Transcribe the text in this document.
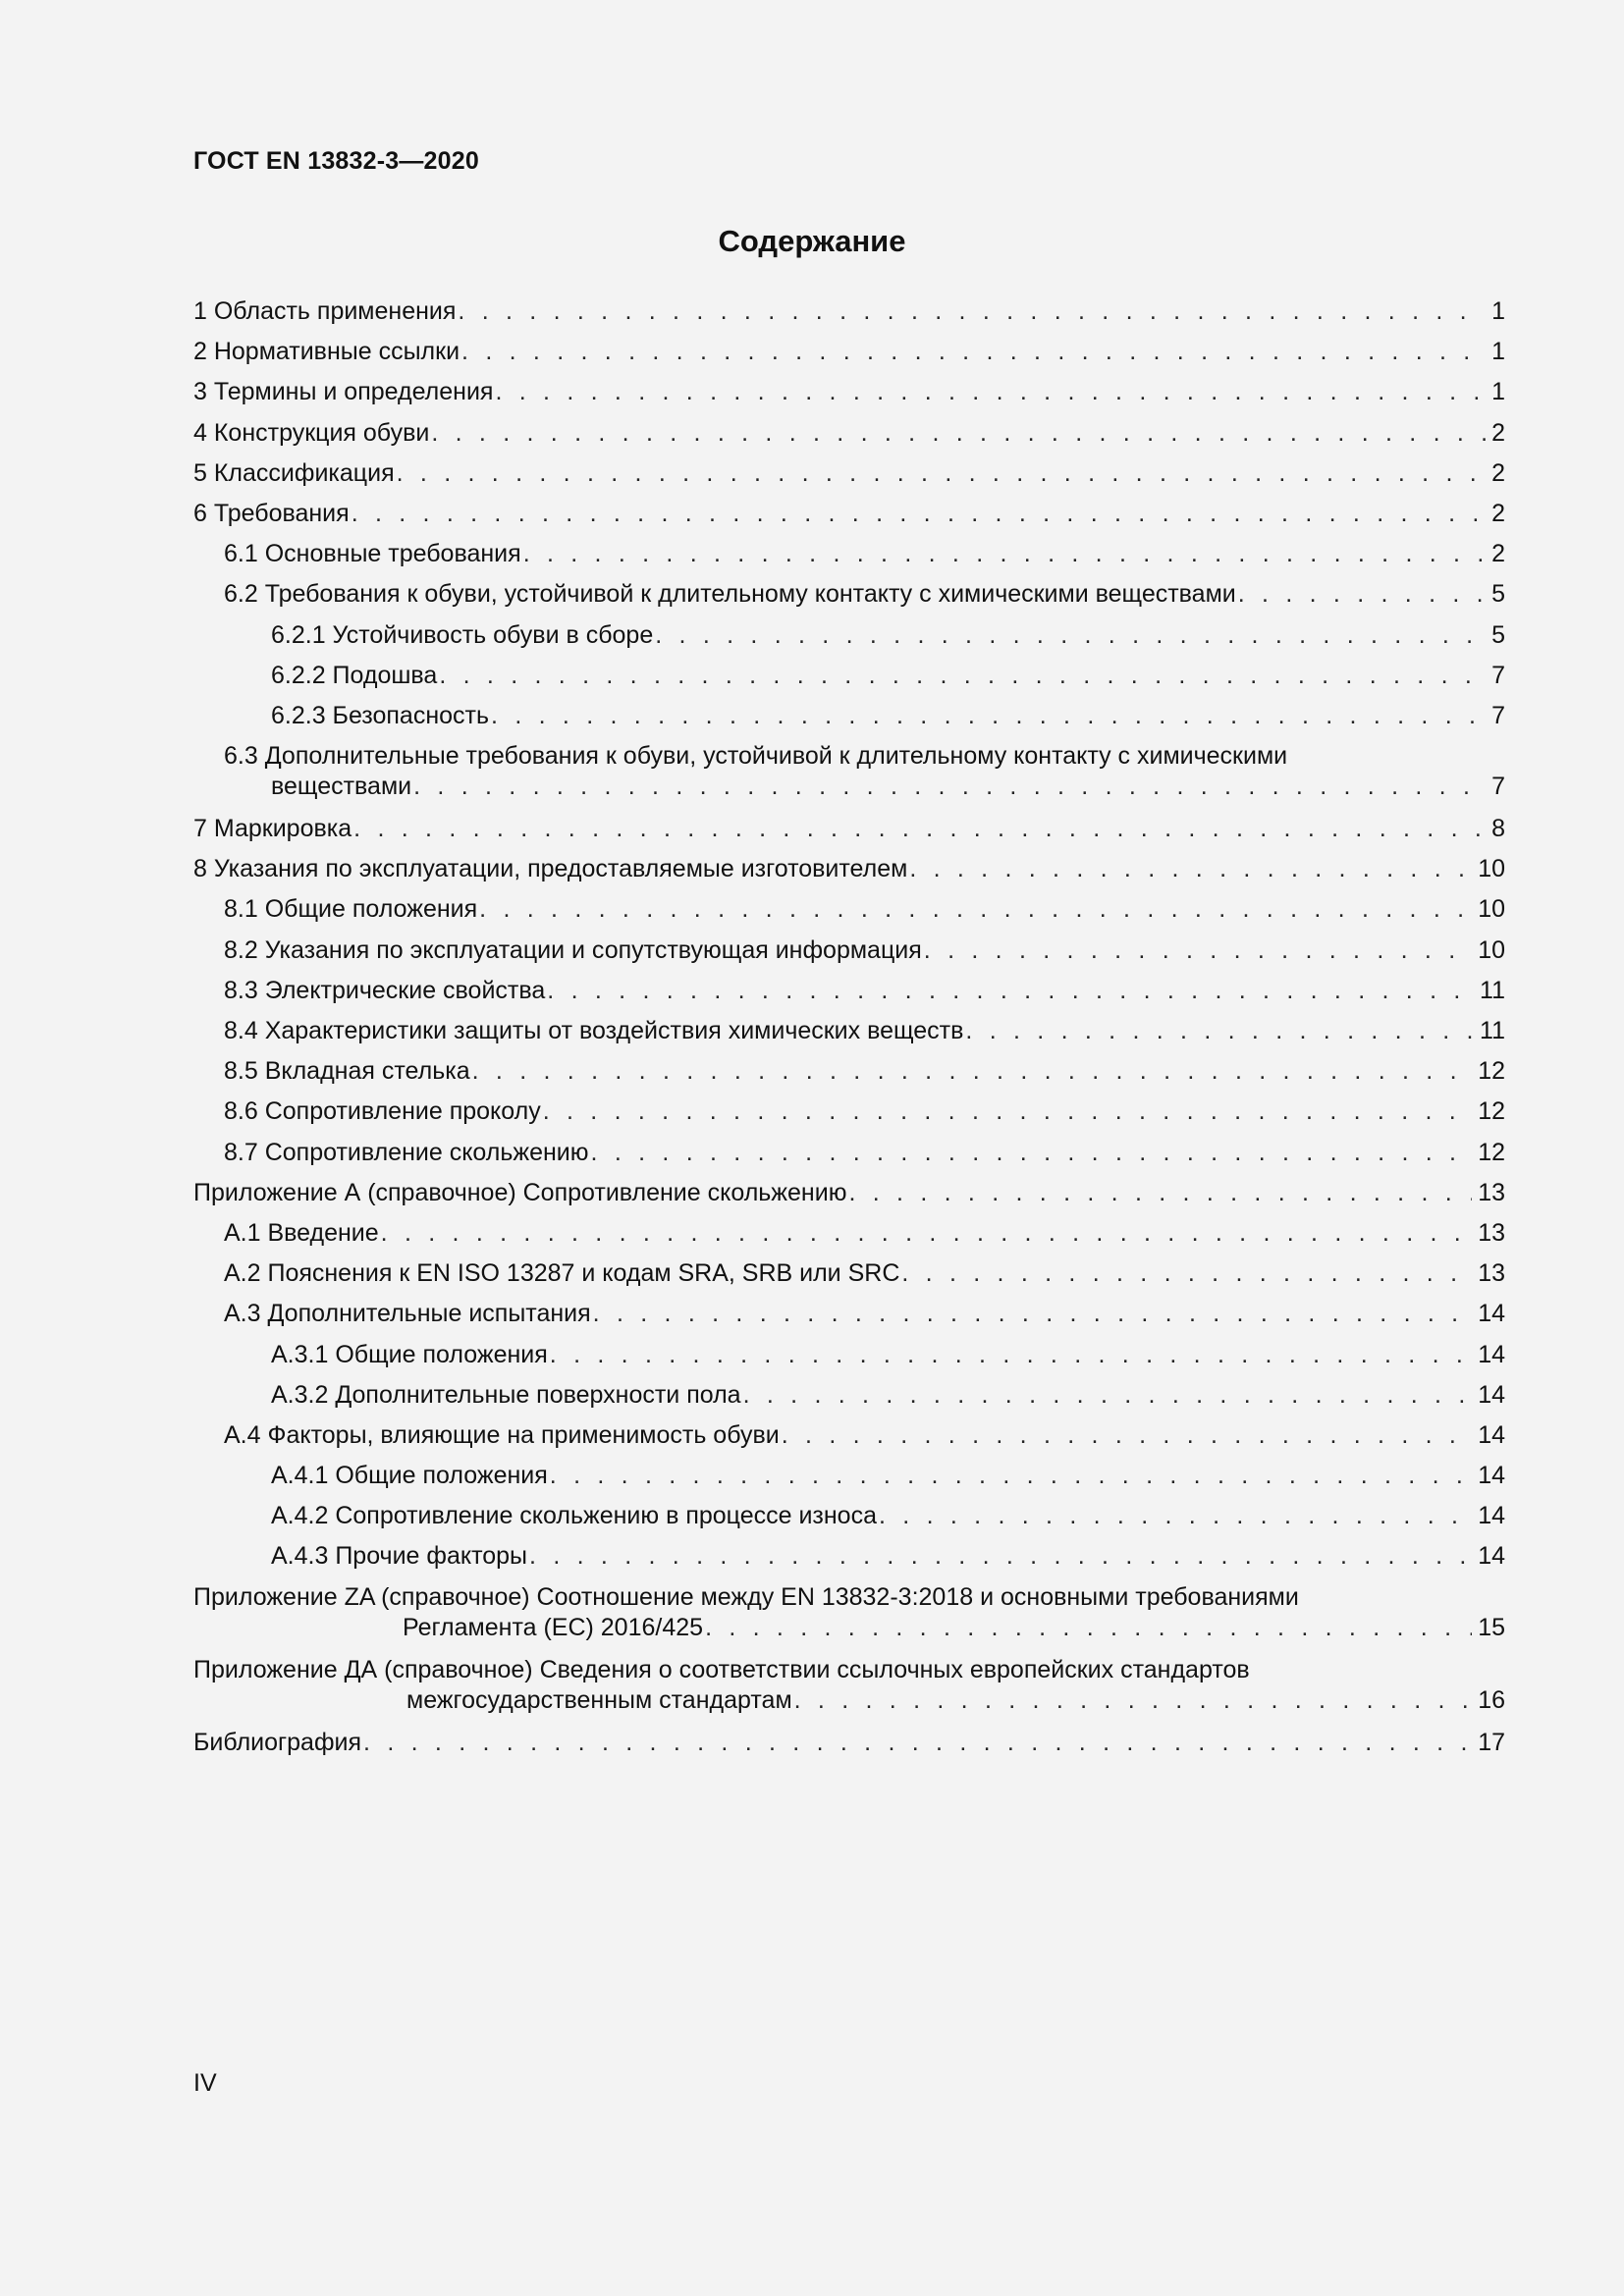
ГОСТ EN 13832-3—2020
Содержание
1 Область применения . . .	1
2 Нормативные ссылки . . .	1
3 Термины и определения . . .	1
4 Конструкция обуви . . .	2
5 Классификация . . .	2
6 Требования . . .	2
6.1 Основные требования . . .	2
6.2 Требования к обуви, устойчивой к длительному контакту с химическими веществами . . .	5
6.2.1 Устойчивость обуви в сборе . . .	5
6.2.2 Подошва . . .	7
6.2.3 Безопасность . . .	7
6.3 Дополнительные требования к обуви, устойчивой к длительному контакту с химическими
веществами . . .	7
7 Маркировка . . .	8
8 Указания по эксплуатации, предоставляемые изготовителем . . .	10
8.1 Общие положения . . .	10
8.2 Указания по эксплуатации и сопутствующая информация . . .	10
8.3 Электрические свойства . . .	11
8.4 Характеристики защиты от воздействия химических веществ . . .	11
8.5 Вкладная стелька . . .	12
8.6 Сопротивление проколу . . .	12
8.7 Сопротивление скольжению . . .	12
Приложение А (справочное) Сопротивление скольжению . . .	13
А.1 Введение . . .	13
А.2 Пояснения к EN ISO 13287 и кодам SRA, SRB или SRC . . .	13
А.3 Дополнительные испытания . . .	14
А.3.1 Общие положения . . .	14
А.3.2 Дополнительные поверхности пола . . .	14
А.4 Факторы, влияющие на применимость обуви . . .	14
А.4.1 Общие положения . . .	14
А.4.2 Сопротивление скольжению в процессе износа . . .	14
А.4.3 Прочие факторы . . .	14
Приложение ZA (справочное) Соотношение между EN 13832-3:2018 и основными требованиями
Регламента (ЕС) 2016/425 . . .	15
Приложение ДА (справочное) Сведения о соответствии ссылочных европейских стандартов
межгосударственным стандартам . . .	16
Библиография . . .	17
IV
